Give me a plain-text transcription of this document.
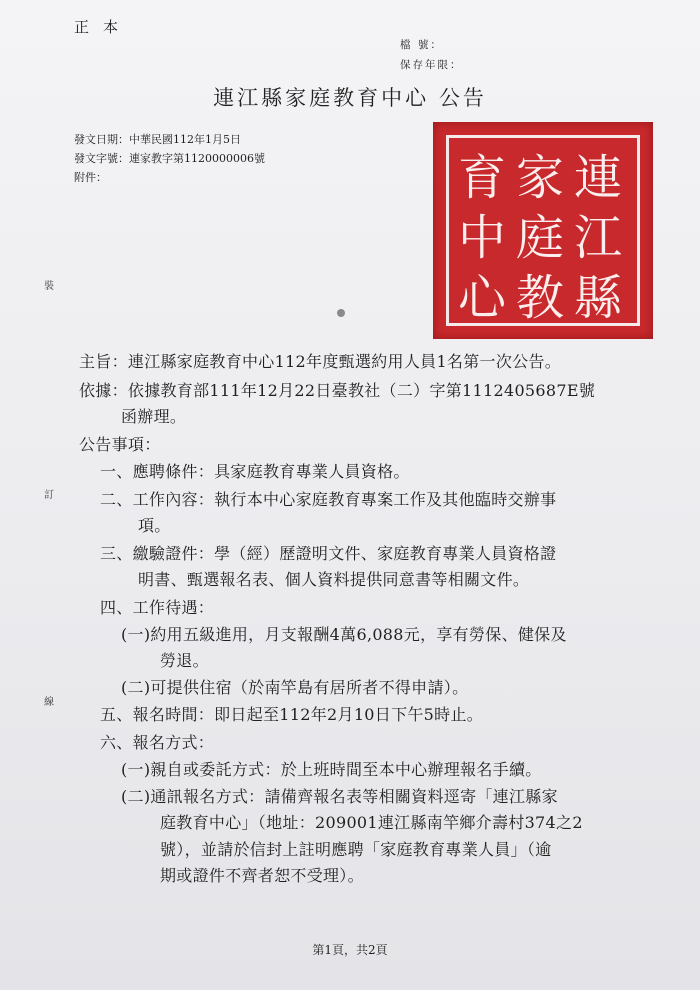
正本
檔 號：
保存年限：
連江縣家庭教育中心 公告
發文日期：中華民國112年1月5日
發文字號：連家教字第1120000006號
附件：	連
江
縣
家
庭
教
育
中
心
裝
訂
線
主旨：連江縣家庭教育中心112年度甄選約用人員1名第一次公告。
依據：依據教育部111年12月22日臺教社（二）字第1112405687E號
函辦理。
公告事項：
一、應聘條件：具家庭教育專業人員資格。
二、工作內容：執行本中心家庭教育專案工作及其他臨時交辦事
項。
三、繳驗證件：學（經）歷證明文件、家庭教育專業人員資格證
明書、甄選報名表、個人資料提供同意書等相關文件。
四、工作待遇：
(一)約用五級進用，月支報酬4萬6,088元，享有勞保、健保及
勞退。
(二)可提供住宿（於南竿島有居所者不得申請）。
五、報名時間：即日起至112年2月10日下午5時止。
六、報名方式：
(一)親自或委託方式：於上班時間至本中心辦理報名手續。
(二)通訊報名方式：請備齊報名表等相關資料逕寄「連江縣家
庭教育中心」（地址：209001連江縣南竿鄉介壽村374之2
號），並請於信封上註明應聘「家庭教育專業人員」（逾
期或證件不齊者恕不受理）。
第1頁，共2頁
